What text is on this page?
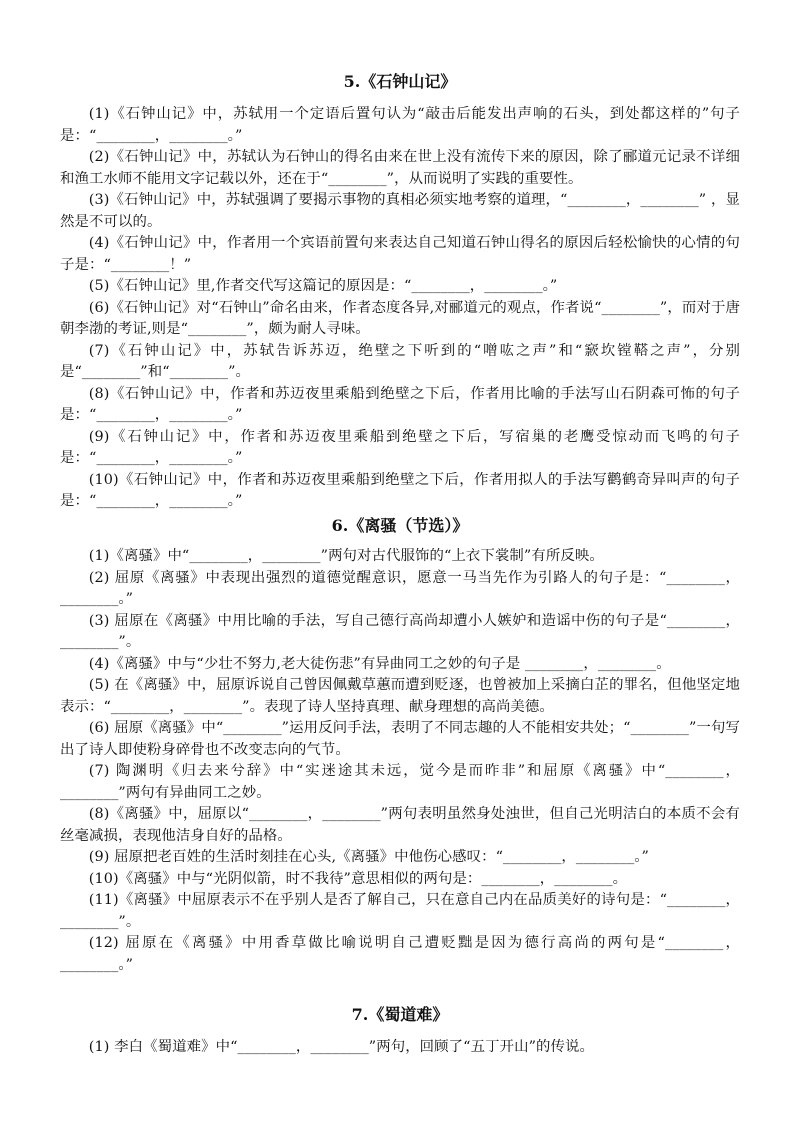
5.《石钟山记》

(1)《石钟山记》中，苏轼用一个定语后置句认为“敲击后能发出声响的石头，到处都这样的”句子是：“________，________。”

(2)《石钟山记》中，苏轼认为石钟山的得名由来在世上没有流传下来的原因，除了郦道元记录不详细和渔工水师不能用文字记载以外，还在于“________”，从而说明了实践的重要性。

(3)《石钟山记》中，苏轼强调了要揭示事物的真相必须实地考察的道理，“________，________” ，显然是不可以的。

(4)《石钟山记》中，作者用一个宾语前置句来表达自己知道石钟山得名的原因后轻松愉快的心情的句子是：“________！”

(5)《石钟山记》里,作者交代写这篇记的原因是：“________，________。”

(6)《石钟山记》对“石钟山”命名由来，作者态度各异,对郦道元的观点，作者说“________”，而对于唐朝李渤的考证,则是“________”，颇为耐人寻味。

(7)《石钟山记》中，苏轼告诉苏迈，绝壁之下听到的“噌吰之声”和“窾坎镗鞳之声”，分别是“________”和“________”。

(8)《石钟山记》中，作者和苏迈夜里乘船到绝壁之下后，作者用比喻的手法写山石阴森可怖的句子是：“________，________。”

(9)《石钟山记》中，作者和苏迈夜里乘船到绝壁之下后，写宿巢的老鹰受惊动而飞鸣的句子是：“________，________。”

(10)《石钟山记》中，作者和苏迈夜里乘船到绝壁之下后，作者用拟人的手法写鹳鹤奇异叫声的句子是：“________，________。”

6.《离骚（节选）》

(1)《离骚》中“________，________”两句对古代服饰的“上衣下裳制”有所反映。

(2) 屈原《离骚》中表现出强烈的道德觉醒意识，愿意一马当先作为引路人的句子是：“________，________。”

(3) 屈原在《离骚》中用比喻的手法，写自己德行高尚却遭小人嫉妒和造谣中伤的句子是“________，________”。

(4)《离骚》中与“少壮不努力,老大徒伤悲”有异曲同工之妙的句子是 ________，________。

(5) 在《离骚》中，屈原诉说自己曾因佩戴草蕙而遭到贬逐，也曾被加上采摘白芷的罪名，但他坚定地表示：“________，________”。表现了诗人坚持真理、献身理想的高尚美德。

(6) 屈原《离骚》中“________”运用反问手法，表明了不同志趣的人不能相安共处；“________”一句写出了诗人即使粉身碎骨也不改变志向的气节。

(7) 陶渊明《归去来兮辞》中“实迷途其未远，觉今是而昨非”和屈原《离骚》中“________，________”两句有异曲同工之妙。

(8)《离骚》中，屈原以“________，________”两句表明虽然身处浊世，但自己光明洁白的本质不会有丝毫减损，表现他洁身自好的品格。

(9) 屈原把老百姓的生活时刻挂在心头,《离骚》中他伤心感叹：“________，________。”

(10)《离骚》中与“光阴似箭，时不我待”意思相似的两句是：________，________。

(11)《离骚》中屈原表示不在乎别人是否了解自己，只在意自己内在品质美好的诗句是：“________，________”。

(12) 屈原在《离骚》中用香草做比喻说明自己遭贬黜是因为德行高尚的两句是“________，________。”

7.《蜀道难》

(1) 李白《蜀道难》中“________，________”两句，回顾了“五丁开山”的传说。
